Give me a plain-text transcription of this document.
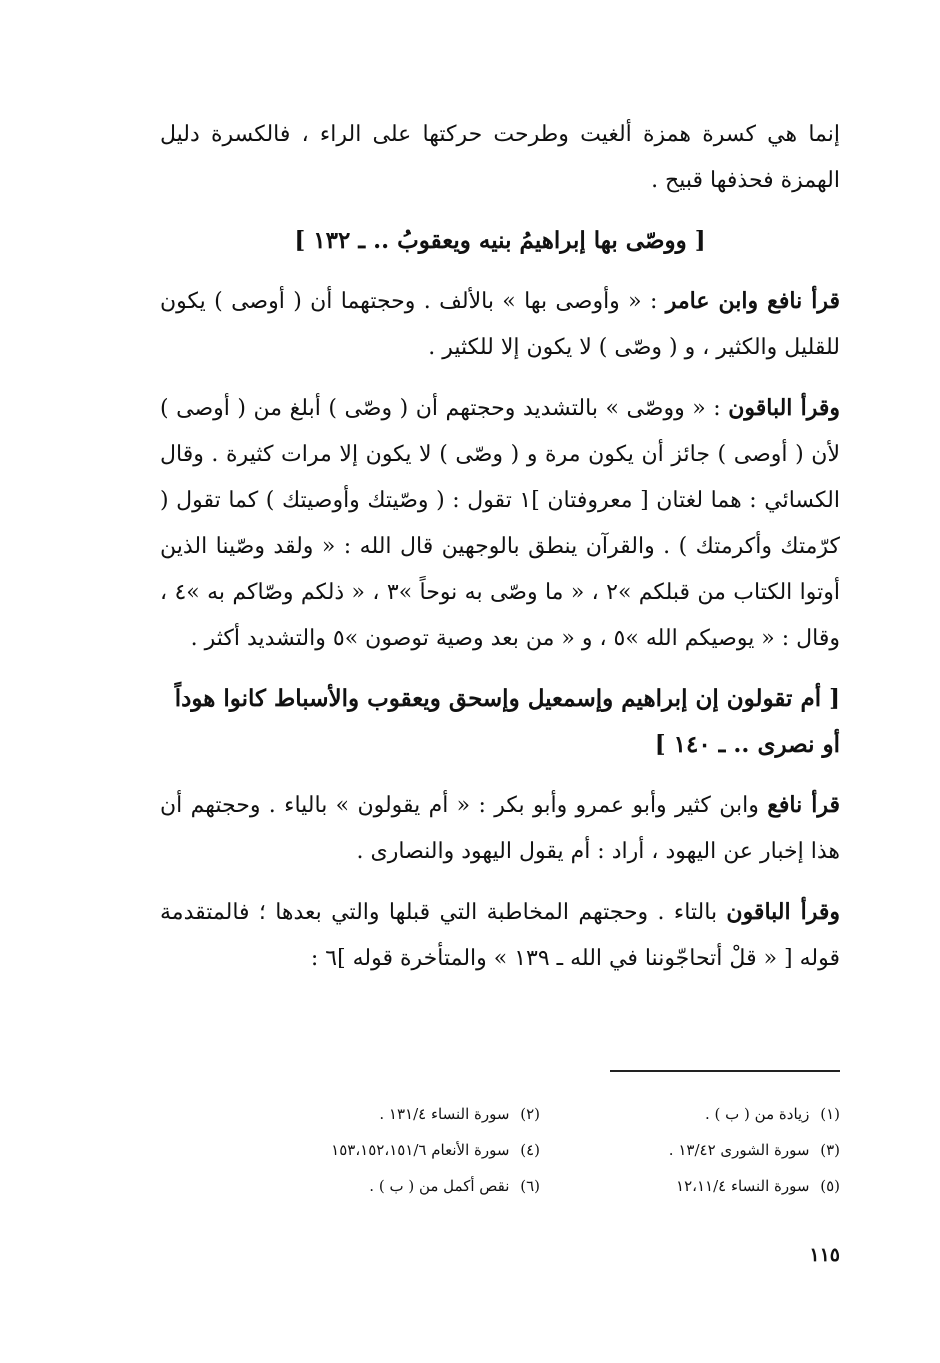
إنما هي كسرة همزة ألغيت وطرحت حركتها على الراء ، فالكسرة دليل الهمزة فحذفها قبيح .

[ ووصّى بها إبراهيمُ بنيه ويعقوبُ .. ـ ١٣٢ ]

قرأ نافع وابن عامر : « وأوصى بها » بالألف . وحجتهما أن ( أوصى ) يكون للقليل والكثير ، و ( وصّى ) لا يكون إلا للكثير .

وقرأ الباقون : « ووصّى » بالتشديد وحجتهم أن ( وصّى ) أبلغ من ( أوصى ) لأن ( أوصى ) جائز أن يكون مرة و ( وصّى ) لا يكون إلا مرات كثيرة . وقال الكسائي : هما لغتان [ معروفتان ]١ تقول : ( وصّيتك وأوصيتك ) كما تقول ( كرّمتك وأكرمتك ) . والقرآن ينطق بالوجهين قال الله : « ولقد وصّينا الذين أوتوا الكتاب من قبلكم »٢ ، « ما وصّى به نوحاً »٣ ، « ذلكم وصّاكم به »٤ ، وقال : « يوصيكم الله »٥ ، و « من بعد وصية توصون »٥ والتشديد أكثر .

[ أم تقولون إن إبراهيم وإسمعيل وإسحق ويعقوب والأسباط كانوا هوداً أو نصرى .. ـ ١٤٠ ]

قرأ نافع وابن كثير وأبو عمرو وأبو بكر : « أم يقولون » بالياء . وحجتهم أن هذا إخبار عن اليهود ، أراد : أم يقول اليهود والنصارى .

وقرأ الباقون بالتاء . وحجتهم المخاطبة التي قبلها والتي بعدها ؛ فالمتقدمة قوله [ « قلْ أتحاجّوننا في الله ـ ١٣٩ » والمتأخرة قوله ]٦ :

(١) زيادة من ( ب ) .
(٢) سورة النساء ١٣١/٤ .
(٣) سورة الشورى ١٣/٤٢ .
(٤) سورة الأنعام ١٥٣،١٥٢،١٥١/٦
(٥) سورة النساء ١٢،١١/٤
(٦) نقص أكمل من ( ب ) .
١١٥
